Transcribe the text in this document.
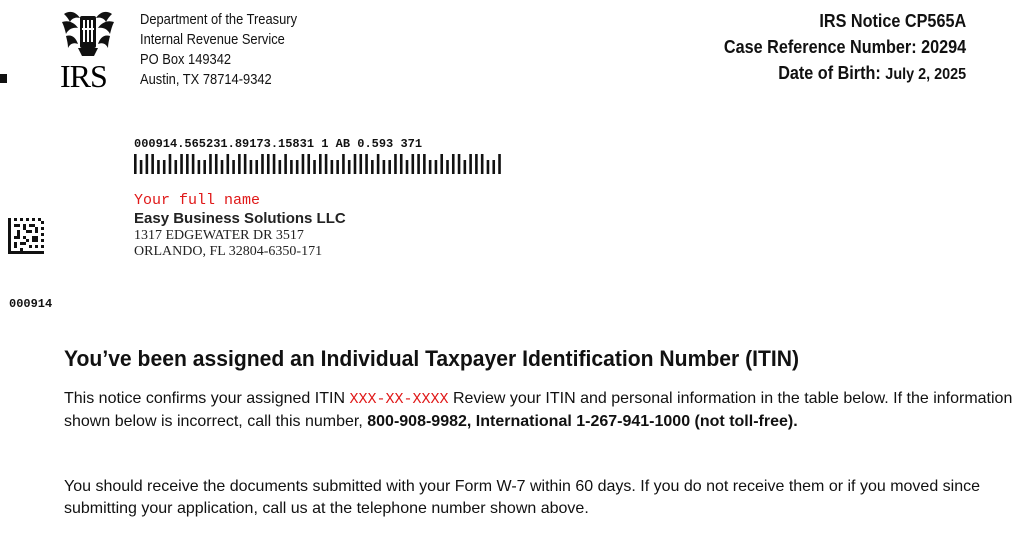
IRS
Department of the Treasury
Internal Revenue Service
PO Box 149342
Austin, TX 78714-9342
IRS Notice CP565A
Case Reference Number: 20294
Date of Birth: July 2, 2025
000914.565231.89173.15831 1 AB 0.593 371
Your full name
Easy Business Solutions LLC
1317 EDGEWATER DR 3517
ORLANDO, FL 32804-6350-171
000914
You’ve been assigned an Individual Taxpayer Identification Number (ITIN)
This notice confirms your assigned ITIN XXX-XX-XXXX Review your ITIN and personal information in the table below. If the information shown below is incorrect, call this number, 800-908-9982, International 1-267-941-1000 (not toll-free).
You should receive the documents submitted with your Form W-7 within 60 days. If you do not receive them or if you moved since submitting your application, call us at the telephone number shown above.
